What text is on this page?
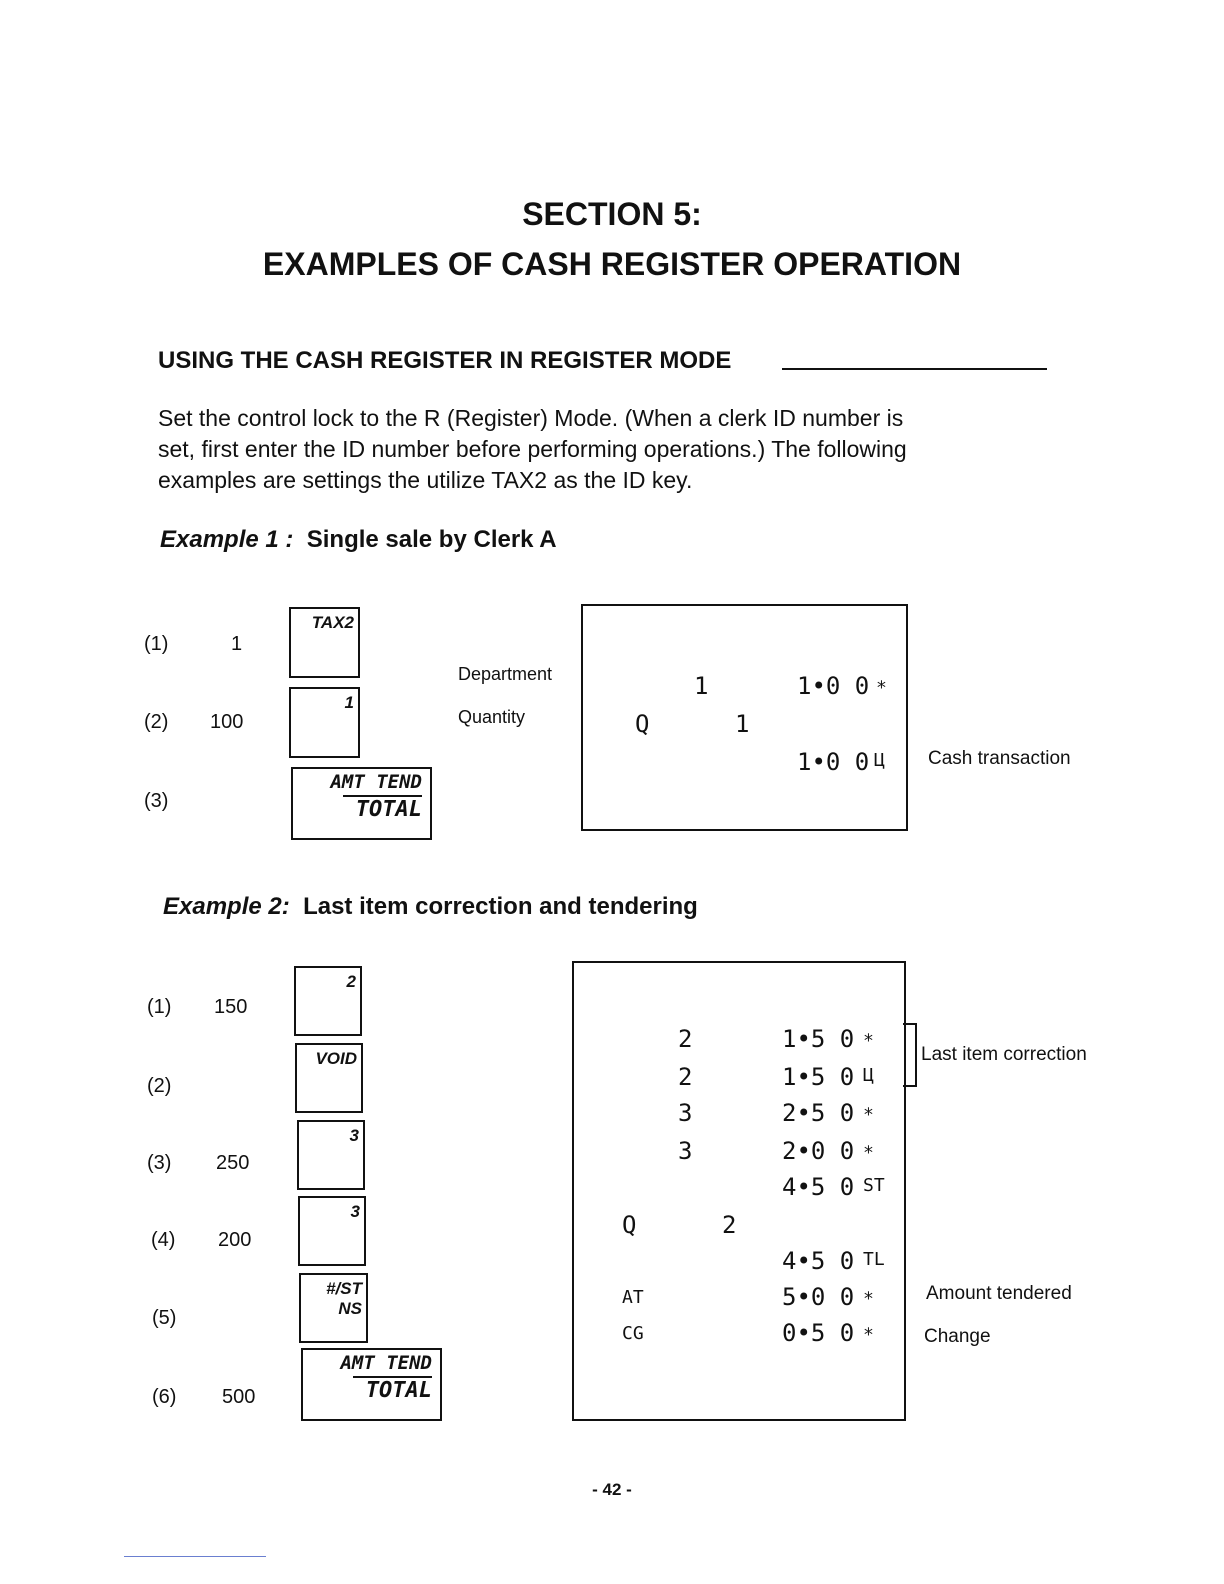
SECTION 5:
EXAMPLES OF CASH REGISTER OPERATION
USING THE CASH REGISTER IN REGISTER MODE
Set the control lock to the R (Register) Mode. (When a clerk ID number is
set, first enter the ID number before performing operations.) The following
examples are settings the utilize TAX2 as the ID key.
Example 1 : Single sale by Clerk A
(1)	1
TAX2
(2) 100
1
(3)
AMT TEND
TOTAL
Department
Quantity
1	1•0 0 ∗
Q	1
1•0 0 Ц Cash transaction
Example 2: Last item correction and tendering
(1) 150
2
(2)
VOID
(3) 250
3
(4) 200
3
(5)
#/ST
NS
(6) 500
AMT TEND
TOTAL
2	1•5 0 ∗
2	1•5 0 Ц
3	2•5 0 ∗
3	2•0 0 ∗
4•5 0 ST
Q	2
4•5 0 TL
AT	5•0 0 ∗
CG	0•5 0 ∗
Last item correction
Amount tendered
Change
- 42 -
